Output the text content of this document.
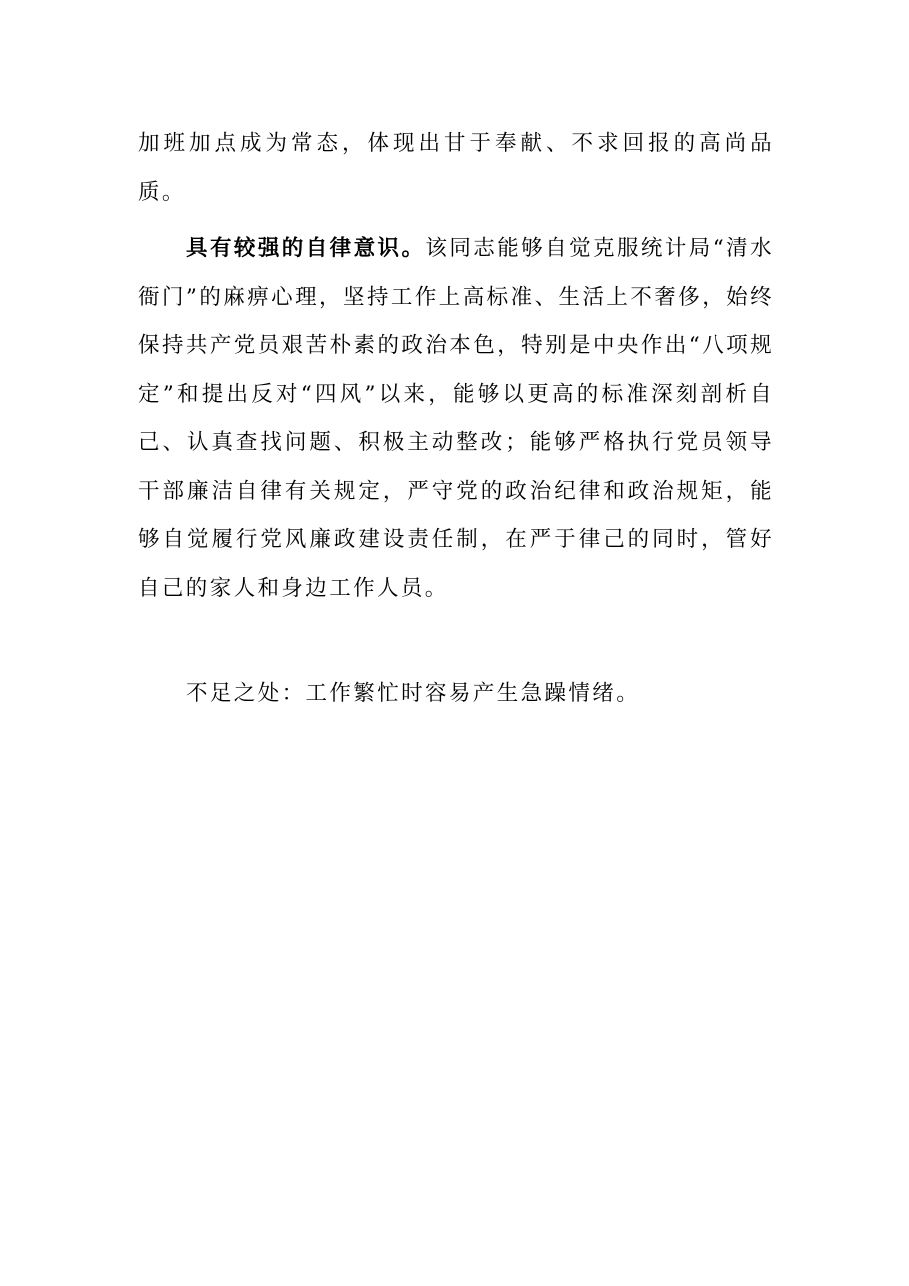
加班加点成为常态，体现出甘于奉献、不求回报的高尚品质。

具有较强的自律意识。该同志能够自觉克服统计局“清水衙门”的麻痹心理，坚持工作上高标准、生活上不奢侈，始终保持共产党员艰苦朴素的政治本色，特别是中央作出“八项规定”和提出反对“四风”以来，能够以更高的标准深刻剖析自己、认真查找问题、积极主动整改；能够严格执行党员领导干部廉洁自律有关规定，严守党的政治纪律和政治规矩，能够自觉履行党风廉政建设责任制，在严于律己的同时，管好自己的家人和身边工作人员。

不足之处：工作繁忙时容易产生急躁情绪。
